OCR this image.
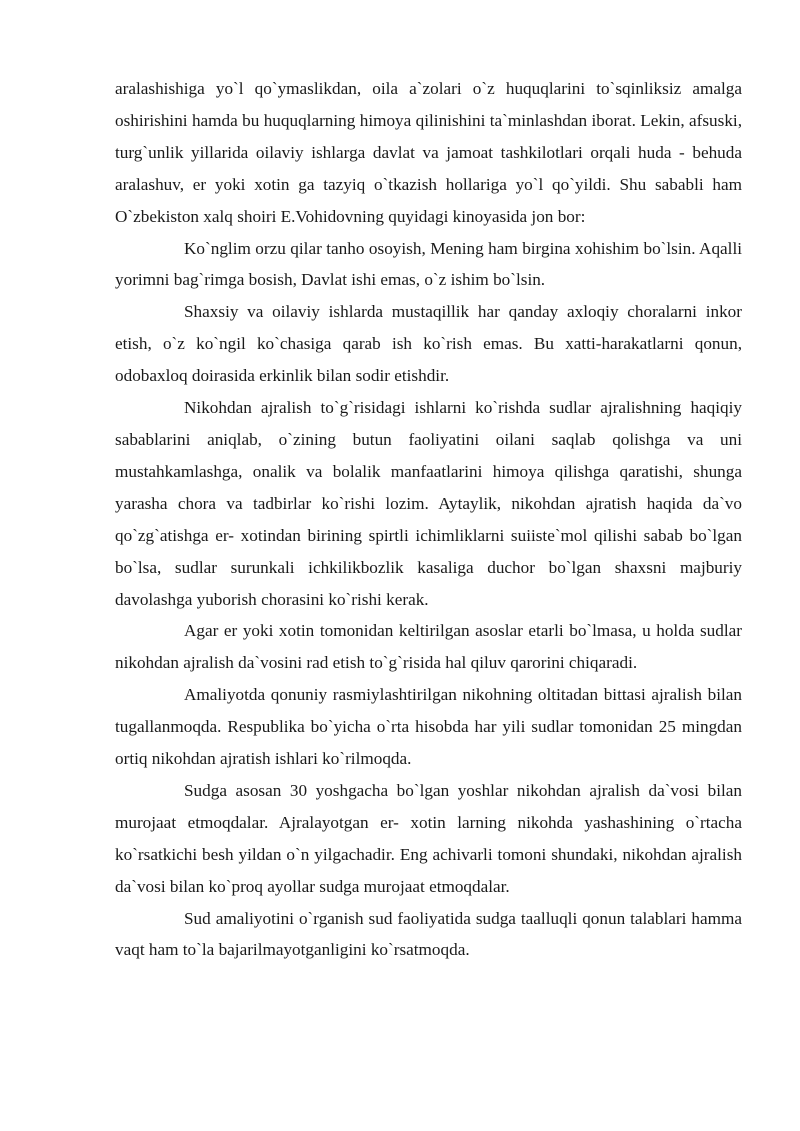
aralashishiga yo`l qo`ymaslikdan, oila a`zolari o`z huquqlarini to`sqinliksiz amalga oshirishini hamda bu huquqlarning himoya qilinishini ta`minlashdan iborat. Lekin, afsuski, turg`unlik yillarida oilaviy ishlarga davlat va jamoat tashkilotlari orqali huda - behuda aralashuv, er yoki xotin ga tazyiq o`tkazish hollariga yo`l qo`yildi. Shu sababli ham O`zbekiston xalq shoiri E.Vohidovning quyidagi kinoyasida jon bor:

Ko`nglim orzu qilar tanho osoyish, Mening ham birgina xohishim bo`lsin. Aqalli yorimni bag`rimga bosish, Davlat ishi emas, o`z ishim bo`lsin.

Shaxsiy va oilaviy ishlarda mustaqillik har qanday axloqiy choralarni inkor etish, o`z ko`ngil ko`chasiga qarab ish ko`rish emas. Bu xatti-harakatlarni qonun, odobaxloq doirasida erkinlik bilan sodir etishdir.

Nikohdan ajralish to`g`risidagi ishlarni ko`rishda sudlar ajralishning haqiqiy sabablarini aniqlab, o`zining butun faoliyatini oilani saqlab qolishga va uni mustahkamlashga, onalik va bolalik manfaatlarini himoya qilishga qaratishi, shunga yarasha chora va tadbirlar ko`rishi lozim. Aytaylik, nikohdan ajratish haqida da`vo qo`zg`atishga er- xotindan birining spirtli ichimliklarni suiiste`mol qilishi sabab bo`lgan bo`lsa, sudlar surunkali ichkilikbozlik kasaliga duchor bo`lgan shaxsni majburiy davolashga yuborish chorasini ko`rishi kerak.

Agar er yoki xotin tomonidan keltirilgan asoslar etarli bo`lmasa, u holda sudlar nikohdan ajralish da`vosini rad etish to`g`risida hal qiluv qarorini chiqaradi.

Amaliyotda qonuniy rasmiylashtirilgan nikohning oltitadan bittasi ajralish bilan tugallanmoqda. Respublika bo`yicha o`rta hisobda har yili sudlar tomonidan 25 mingdan ortiq nikohdan ajratish ishlari ko`rilmoqda.

Sudga asosan 30 yoshgacha bo`lgan yoshlar nikohdan ajralish da`vosi bilan murojaat etmoqdalar. Ajralayotgan er- xotin larning nikohda yashashining o`rtacha ko`rsatkichi besh yildan o`n yilgachadir. Eng achivarli tomoni shundaki, nikohdan ajralish da`vosi bilan ko`proq ayollar sudga murojaat etmoqdalar.

Sud amaliyotini o`rganish sud faoliyatida sudga taalluqli qonun talablari hamma vaqt ham to`la bajarilmayotganligini ko`rsatmoqda.
